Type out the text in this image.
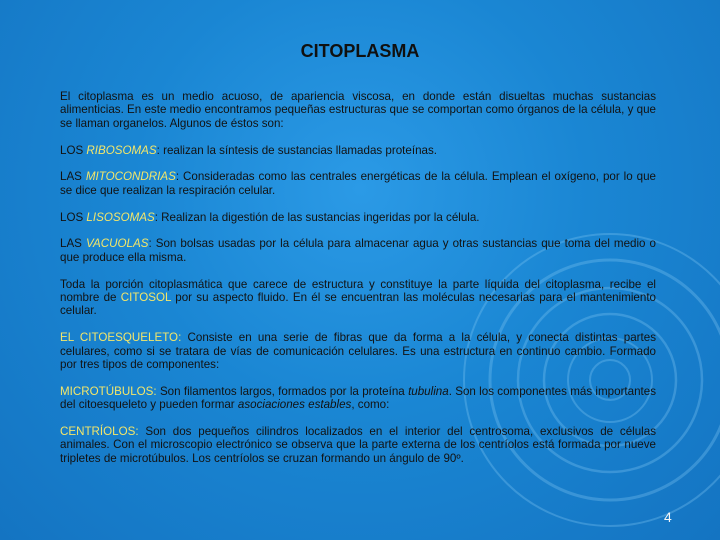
CITOPLASMA

El citoplasma es un medio acuoso, de apariencia viscosa, en donde están disueltas muchas sustancias alimenticias. En este medio encontramos pequeñas estructuras que se comportan como órganos de la célula, y que se llaman organelos. Algunos de éstos son:

LOS RIBOSOMAS: realizan la síntesis de sustancias llamadas proteínas.

LAS MITOCONDRIAS: Consideradas como las centrales energéticas de la célula. Emplean el oxígeno, por lo que se dice que realizan la respiración celular.

LOS LISOSOMAS: Realizan la digestión de las sustancias ingeridas por la célula.

LAS VACUOLAS: Son bolsas usadas por la célula para almacenar agua y otras sustancias que toma del medio o que produce ella misma.

Toda la porción citoplasmática que carece de estructura y constituye la parte líquida del citoplasma, recibe el nombre de CITOSOL por su aspecto fluido. En él se encuentran las moléculas necesarias para el mantenimiento celular.

EL CITOESQUELETO: Consiste en una serie de fibras que da forma a la célula, y conecta distintas partes celulares, como si se tratara de vías de comunicación celulares. Es una estructura en continuo cambio. Formado por tres tipos de componentes:

MICROTÚBULOS: Son filamentos largos, formados por la proteína tubulina. Son los componentes más importantes del citoesqueleto y pueden formar asociaciones estables, como:

CENTRÍOLOS: Son dos pequeños cilindros localizados en el interior del centrosoma, exclusivos de células animales. Con el microscopio electrónico se observa que la parte externa de los centríolos está formada por nueve tripletes de microtúbulos. Los centríolos se cruzan formando un ángulo de 90º.

4
